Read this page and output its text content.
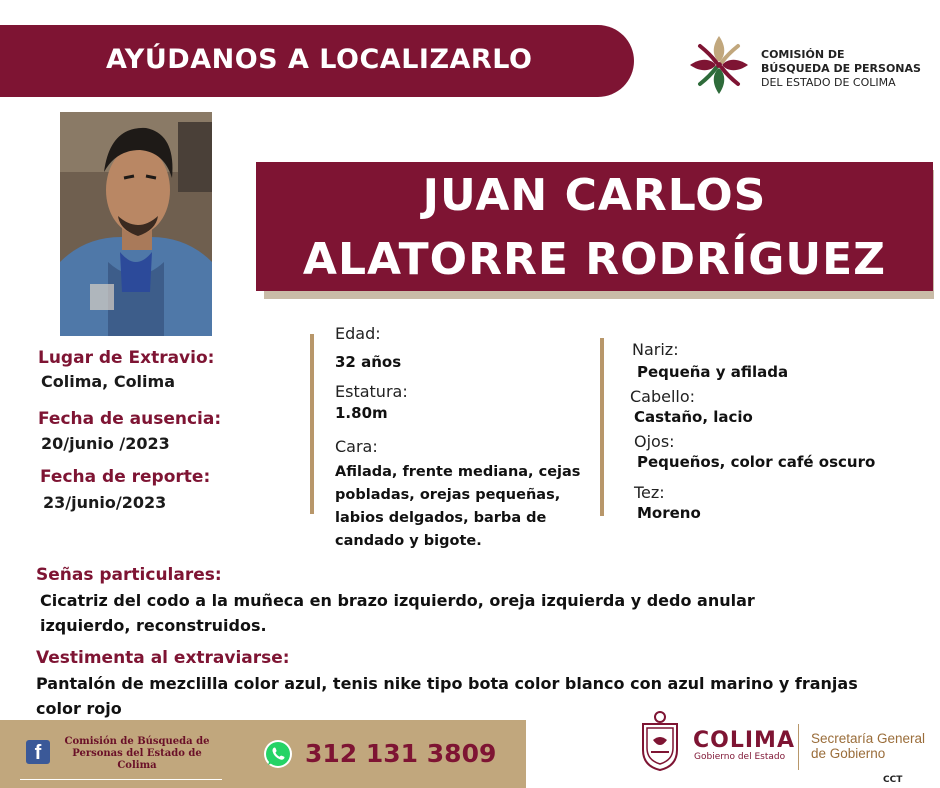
AYÚDANOS A LOCALIZARLO	COMISIÓN DE
BÚSQUEDA DE PERSONAS
DEL ESTADO DE COLIMA
JUAN CARLOS
ALATORRE RODRÍGUEZ
Lugar de Extravio:
Colima, Colima
Fecha de ausencia:
20/junio /2023
Fecha de reporte:
23/junio/2023
Edad:
32 años
Estatura:
1.80m
Cara:
Afilada, frente mediana, cejas pobladas, orejas pequeñas, labios delgados, barba de candado y bigote.
Nariz:
Pequeña y afilada
Cabello:
Castaño, lacio
Ojos:
Pequeños, color café oscuro
Tez:
Moreno
Señas particulares:
Cicatriz del codo a la muñeca en brazo izquierdo, oreja izquierda y dedo anular izquierdo, reconstruidos.
Vestimenta al extraviarse:
Pantalón de mezclilla color azul, tenis nike tipo bota color blanco con azul marino y franjas color rojo
f
Comisión de Búsqueda de Personas del Estado de Colima	312 131 3809	COLIMA
Gobierno del Estado
Secretaría General
de Gobierno
CCT
